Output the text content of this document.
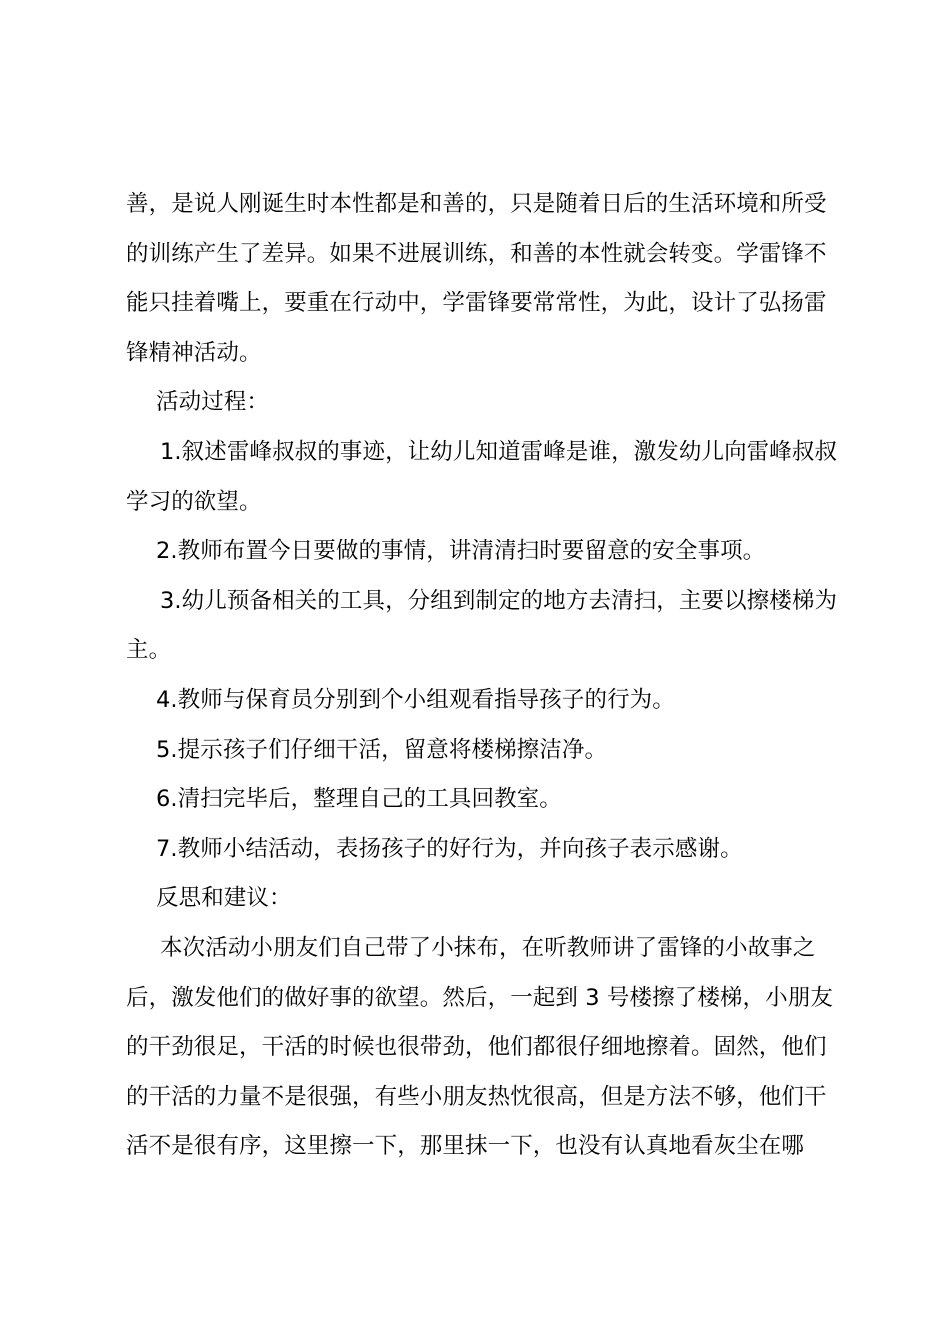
善，是说人刚诞生时本性都是和善的，只是随着日后的生活环境和所受
的训练产生了差异。如果不进展训练，和善的本性就会转变。学雷锋不
能只挂着嘴上，要重在行动中，学雷锋要常常性，为此，设计了弘扬雷
锋精神活动。
活动过程：
1.叙述雷峰叔叔的事迹，让幼儿知道雷峰是谁，激发幼儿向雷峰叔叔
学习的欲望。
2.教师布置今日要做的事情，讲清清扫时要留意的安全事项。
3.幼儿预备相关的工具，分组到制定的地方去清扫，主要以擦楼梯为
主。
4.教师与保育员分别到个小组观看指导孩子的行为。
5.提示孩子们仔细干活，留意将楼梯擦洁净。
6.清扫完毕后，整理自己的工具回教室。
7.教师小结活动，表扬孩子的好行为，并向孩子表示感谢。
反思和建议：
本次活动小朋友们自己带了小抹布，在听教师讲了雷锋的小故事之
后，激发他们的做好事的欲望。然后，一起到 3 号楼擦了楼梯，小朋友
的干劲很足，干活的时候也很带劲，他们都很仔细地擦着。固然，他们
的干活的力量不是很强，有些小朋友热忱很高，但是方法不够，他们干
活不是很有序，这里擦一下，那里抹一下，也没有认真地看灰尘在哪
